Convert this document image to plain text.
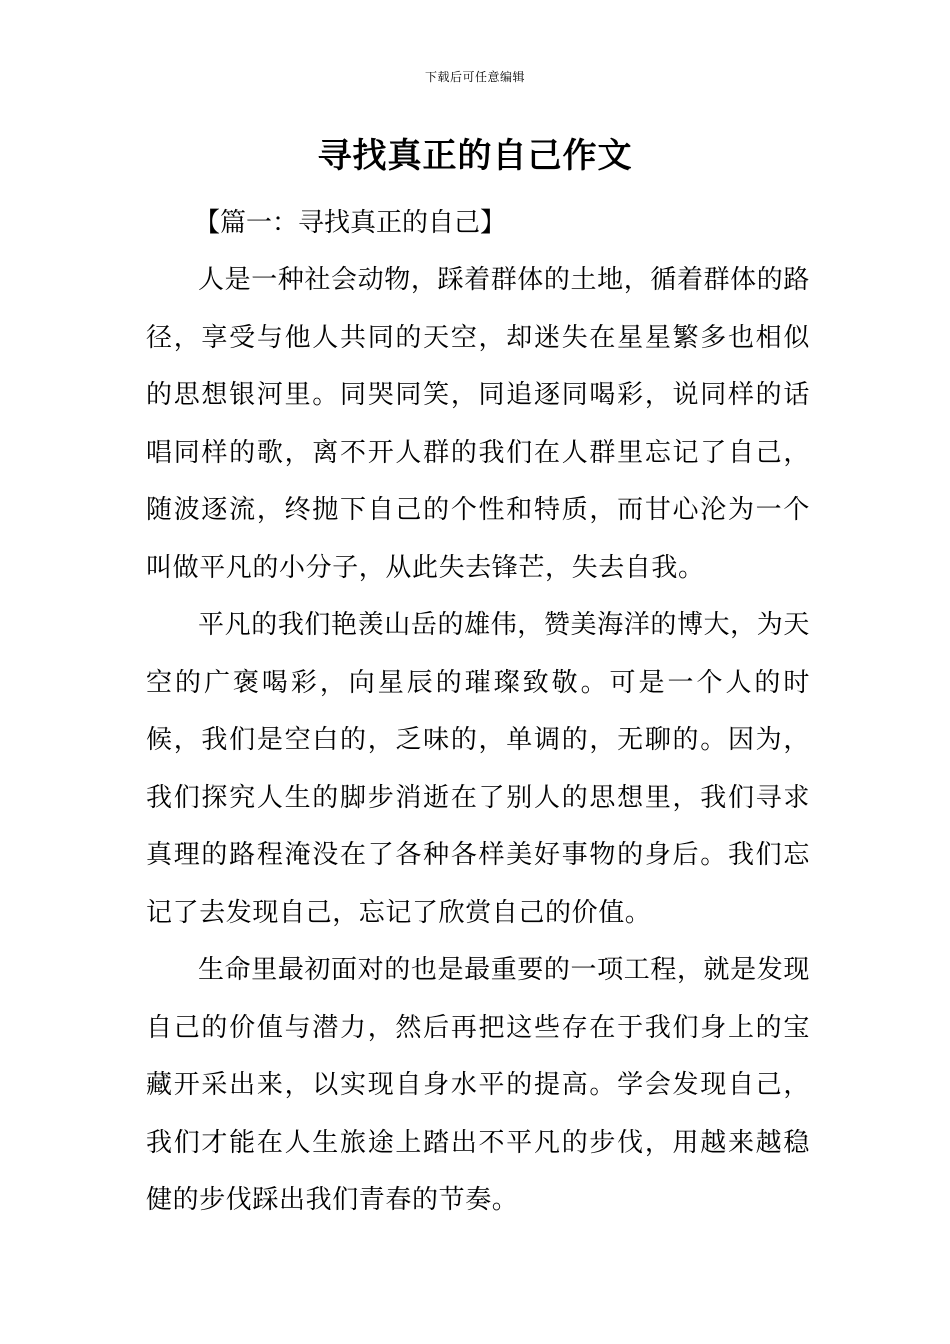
下载后可任意编辑
寻找真正的自己作文
【篇一：寻找真正的自己】

人是一种社会动物，踩着群体的土地，循着群体的路径，享受与他人共同的天空，却迷失在星星繁多也相似的思想银河里。同哭同笑，同追逐同喝彩，说同样的话唱同样的歌，离不开人群的我们在人群里忘记了自己，随波逐流，终抛下自己的个性和特质，而甘心沦为一个叫做平凡的小分子，从此失去锋芒，失去自我。

平凡的我们艳羡山岳的雄伟，赞美海洋的博大，为天空的广褒喝彩，向星辰的璀璨致敬。可是一个人的时候，我们是空白的，乏味的，单调的，无聊的。因为，我们探究人生的脚步消逝在了别人的思想里，我们寻求真理的路程淹没在了各种各样美好事物的身后。我们忘记了去发现自己，忘记了欣赏自己的价值。

生命里最初面对的也是最重要的一项工程，就是发现自己的价值与潜力，然后再把这些存在于我们身上的宝藏开采出来，以实现自身水平的提高。学会发现自己，我们才能在人生旅途上踏出不平凡的步伐，用越来越稳健的步伐踩出我们青春的节奏。
